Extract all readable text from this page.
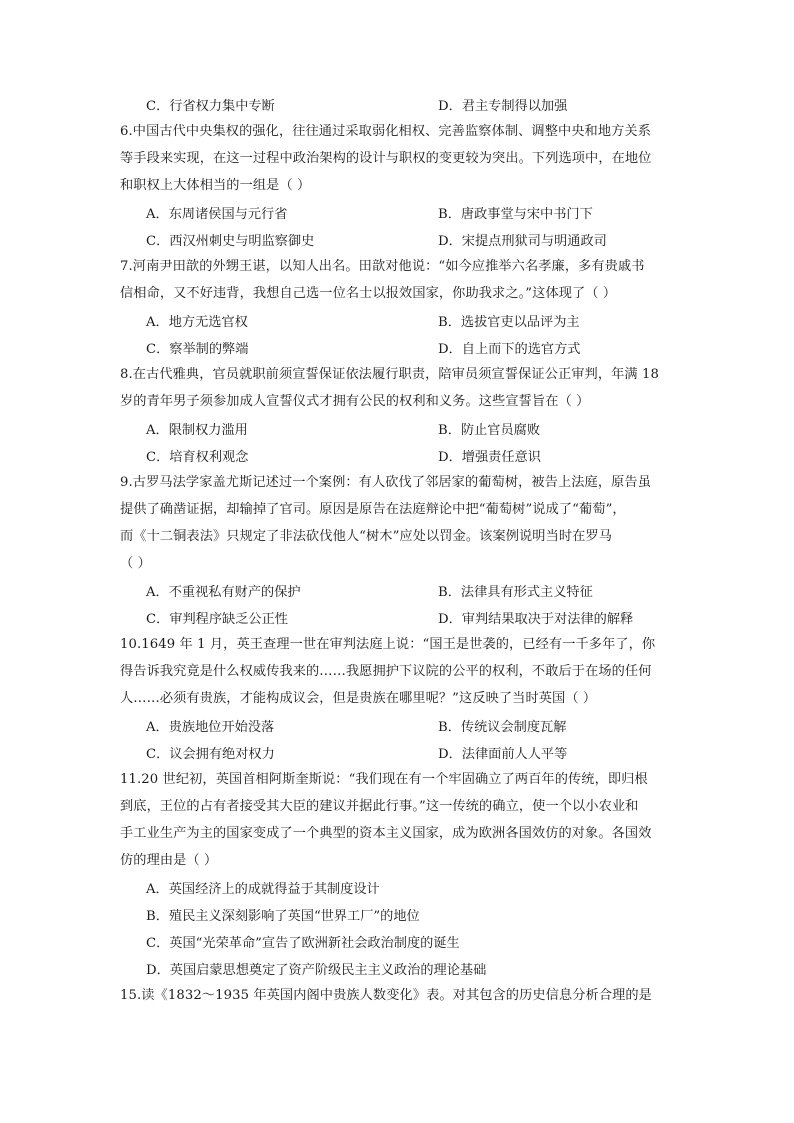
C．行省权力集中专断	D．君主专制得以加强
6.中国古代中央集权的强化，往往通过采取弱化相权、完善监察体制、调整中央和地方关系
等手段来实现，在这一过程中政治架构的设计与职权的变更较为突出。下列选项中，在地位
和职权上大体相当的一组是（ ）
A．东周诸侯国与元行省	B．唐政事堂与宋中书门下
C．西汉州刺史与明监察御史	D．宋提点刑狱司与明通政司
7.河南尹田歆的外甥王谌，以知人出名。田歆对他说：“如今应推举六名孝廉，多有贵戚书
信相命，又不好违背，我想自己选一位名士以报效国家，你助我求之。”这体现了（ ）
A．地方无选官权	B．选拔官吏以品评为主
C．察举制的弊端	D．自上而下的选官方式
8.在古代雅典，官员就职前须宣誓保证依法履行职责，陪审员须宣誓保证公正审判，年满 18
岁的青年男子须参加成人宣誓仪式才拥有公民的权利和义务。这些宣誓旨在（ ）
A．限制权力滥用	B．防止官员腐败
C．培育权利观念	D．增强责任意识
9.古罗马法学家盖尤斯记述过一个案例：有人砍伐了邻居家的葡萄树，被告上法庭，原告虽
提供了确凿证据，却输掉了官司。原因是原告在法庭辩论中把“葡萄树”说成了“葡萄”，
而《十二铜表法》只规定了非法砍伐他人“树木”应处以罚金。该案例说明当时在罗马
（ ）
A．不重视私有财产的保护	B．法律具有形式主义特征
C．审判程序缺乏公正性	D．审判结果取决于对法律的解释
10.1649 年 1 月，英王查理一世在审判法庭上说：“国王是世袭的，已经有一千多年了，你
得告诉我究竟是什么权威传我来的……我愿拥护下议院的公平的权利，不敢后于在场的任何
人……必须有贵族，才能构成议会，但是贵族在哪里呢？”这反映了当时英国（ ）
A．贵族地位开始没落	B．传统议会制度瓦解
C．议会拥有绝对权力	D．法律面前人人平等
11.20 世纪初，英国首相阿斯奎斯说：“我们现在有一个牢固确立了两百年的传统，即归根
到底，王位的占有者接受其大臣的建议并据此行事。”这一传统的确立，使一个以小农业和
手工业生产为主的国家变成了一个典型的资本主义国家，成为欧洲各国效仿的对象。各国效
仿的理由是（ ）
A．英国经济上的成就得益于其制度设计
B．殖民主义深刻影响了英国“世界工厂”的地位
C．英国“光荣革命”宣告了欧洲新社会政治制度的诞生
D．英国启蒙思想奠定了资产阶级民主主义政治的理论基础
15.读《1832～1935 年英国内阁中贵族人数变化》表。对其包含的历史信息分析合理的是
